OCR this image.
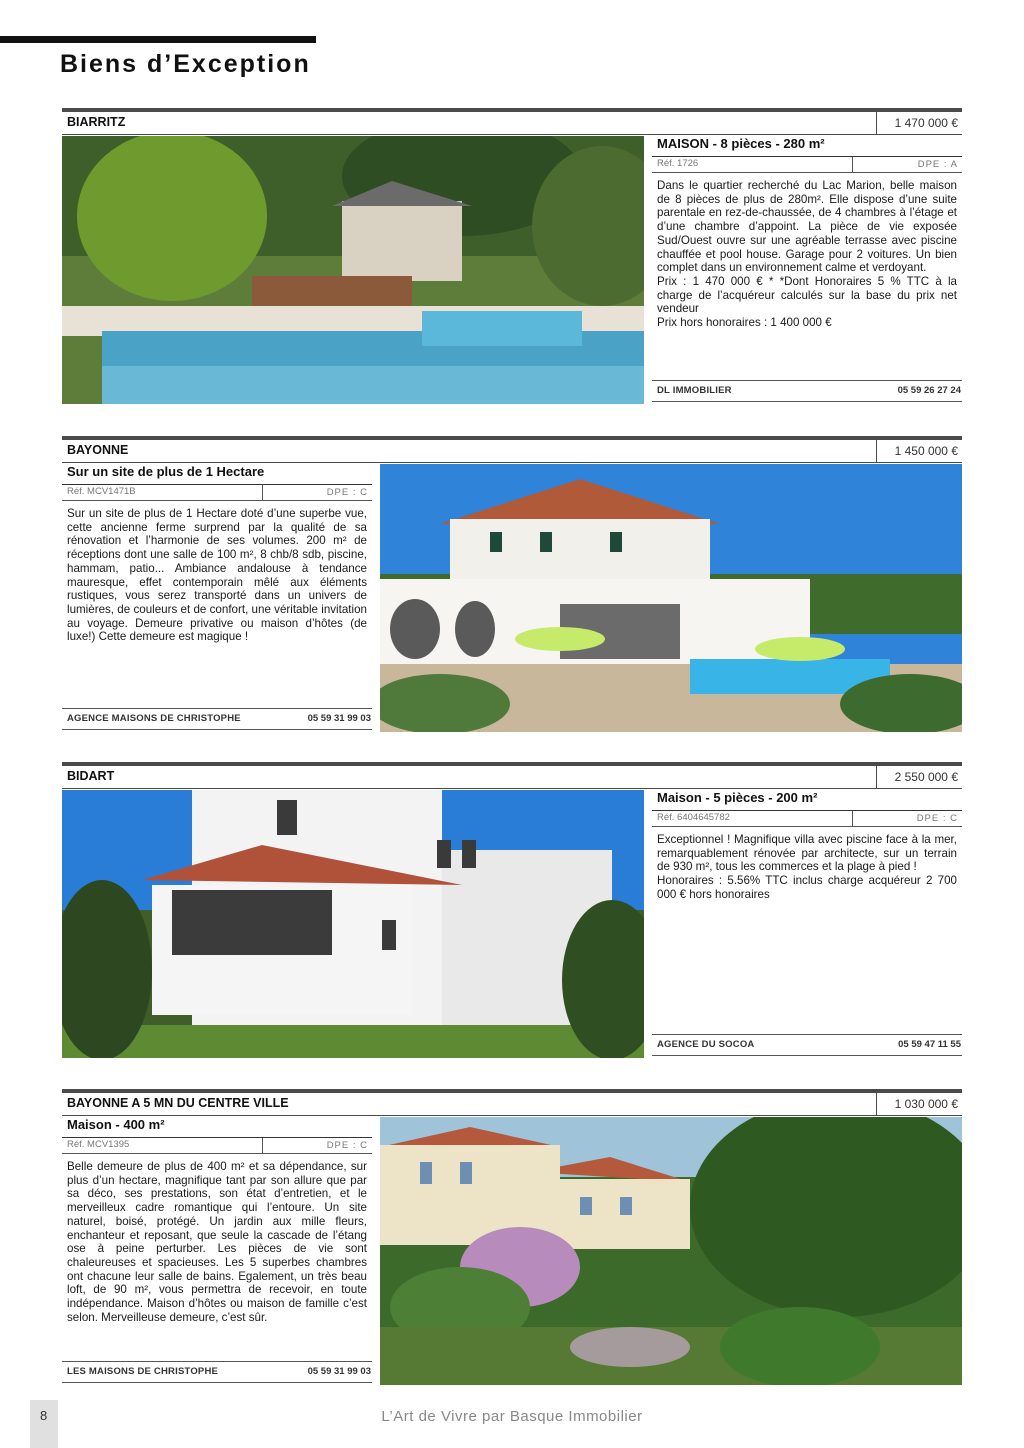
Biens d’Exception
BIARRITZ	1 470 000 €
MAISON - 8 pièces - 280 m²
Réf. 1726	DPE : A

Dans le quartier recherché du Lac Marion, belle maison de 8 pièces de plus de 280m². Elle dispose d’une suite parentale en rez-de-chaussée, de 4 chambres à l’étage et d’une chambre d’appoint. La pièce de vie exposée Sud/Ouest ouvre sur une agréable terrasse avec piscine chauffée et pool house. Garage pour 2 voitures. Un bien complet dans un environnement calme et verdoyant.

Prix : 1 470 000 € * *Dont Honoraires 5 % TTC à la charge de l’acquéreur calculés sur la base du prix net vendeur

Prix hors honoraires : 1 400 000 €

DL IMMOBILIER	05 59 26 27 24
BAYONNE	1 450 000 €
Sur un site de plus de 1 Hectare
Réf. MCV1471B	DPE : C

Sur un site de plus de 1 Hectare doté d’une superbe vue, cette ancienne ferme surprend par la qualité de sa rénovation et l’harmonie de ses volumes. 200 m² de réceptions dont une salle de 100 m², 8 chb/8 sdb, piscine, hammam, patio... Ambiance andalouse à tendance mauresque, effet contemporain mêlé aux éléments rustiques, vous serez transporté dans un univers de lumières, de couleurs et de confort, une véritable invitation au voyage. Demeure privative ou maison d’hôtes (de luxe!) Cette demeure est magique !

AGENCE MAISONS DE CHRISTOPHE	05 59 31 99 03
BIDART	2 550 000 €
Maison - 5 pièces - 200 m²
Réf. 6404645782	DPE : C

Exceptionnel ! Magnifique villa avec piscine face à la mer, remarquablement rénovée par architecte, sur un terrain de 930 m², tous les commerces et la plage à pied !

Honoraires : 5.56% TTC inclus charge acquéreur 2 700 000 € hors honoraires

AGENCE DU SOCOA	05 59 47 11 55
BAYONNE A 5 MN DU CENTRE VILLE	1 030 000 €
Maison - 400 m²
Réf. MCV1395	DPE : C

Belle demeure de plus de 400 m² et sa dépendance, sur plus d’un hectare, magnifique tant par son allure que par sa déco, ses prestations, son état d’entretien, et le merveilleux cadre romantique qui l’entoure. Un site naturel, boisé, protégé. Un jardin aux mille fleurs, enchanteur et reposant, que seule la cascade de l’étang ose à peine perturber. Les pièces de vie sont chaleureuses et spacieuses. Les 5 superbes chambres ont chacune leur salle de bains. Egalement, un très beau loft, de 90 m², vous permettra de recevoir, en toute indépendance. Maison d’hôtes ou maison de famille c’est selon. Merveilleuse demeure, c’est sûr.

LES MAISONS DE CHRISTOPHE	05 59 31 99 03
8	L’Art de Vivre par Basque Immobilier
